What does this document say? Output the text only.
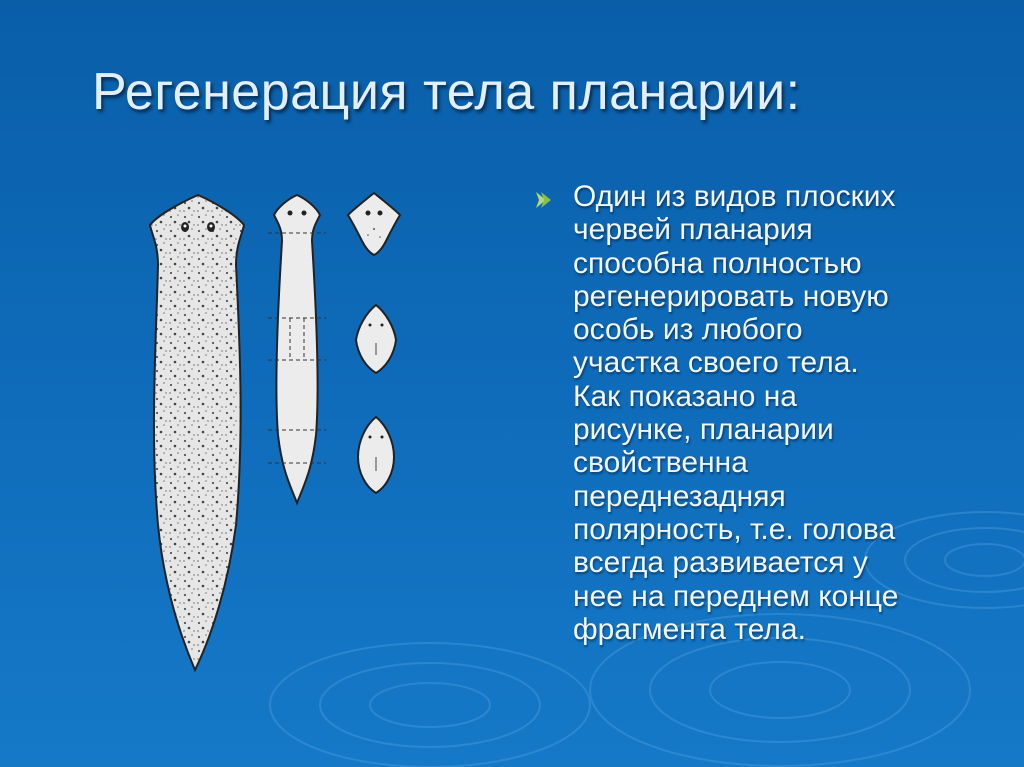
Регенерация тела планарии:
Один из видов плоских
червей планария
способна полностью
регенерировать новую
особь из любого
участка своего тела.
Как показано на
рисунке, планарии
свойственна
переднезадняя
полярность, т.е. голова
всегда развивается у
нее на переднем конце
фрагмента тела.
